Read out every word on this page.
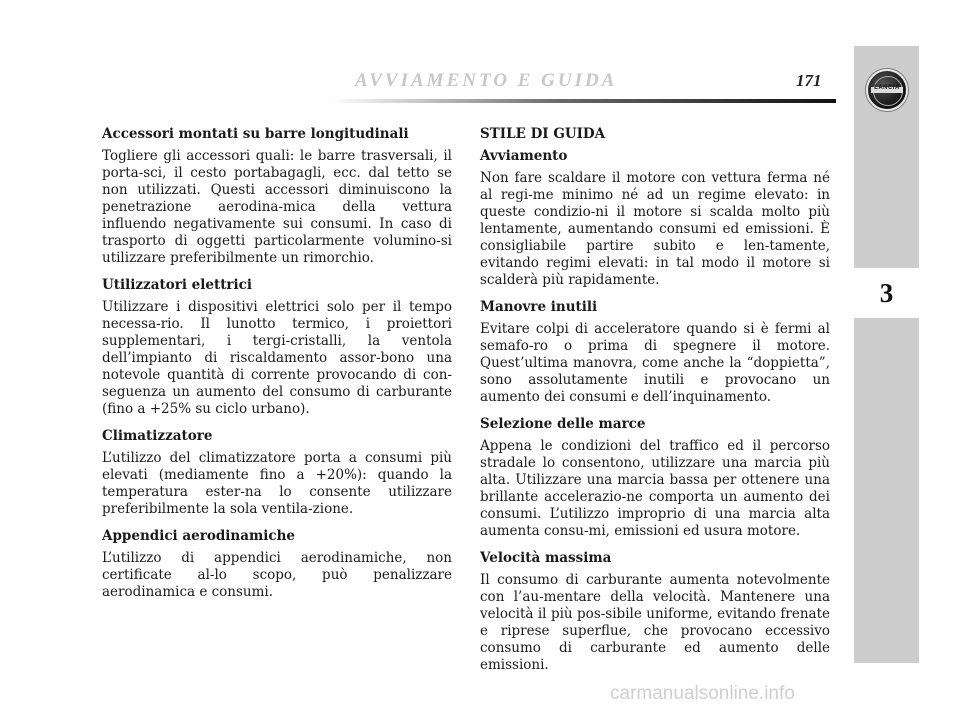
AVVIAMENTO E GUIDA	171	LANCIA
3
Accessori montati su barre longitudinali
Togliere gli accessori quali: le barre trasversali, il porta-sci, il cesto portabagagli, ecc. dal tetto se non utilizzati. Questi accessori diminuiscono la penetrazione aerodina-mica della vettura influendo negativamente sui consumi. In caso di trasporto di oggetti particolarmente volumino-si utilizzare preferibilmente un rimorchio.
Utilizzatori elettrici
Utilizzare i dispositivi elettrici solo per il tempo necessa-rio. Il lunotto termico, i proiettori supplementari, i tergi-cristalli, la ventola dell’impianto di riscaldamento assor-bono una notevole quantità di corrente provocando di con-seguenza un aumento del consumo di carburante (fino a +25% su ciclo urbano).
Climatizzatore
L’utilizzo del climatizzatore porta a consumi più elevati (mediamente fino a +20%): quando la temperatura ester-na lo consente utilizzare preferibilmente la sola ventila-zione.
Appendici aerodinamiche
L’utilizzo di appendici aerodinamiche, non certificate al-lo scopo, può penalizzare aerodinamica e consumi.
STILE DI GUIDA
Avviamento
Non fare scaldare il motore con vettura ferma né al regi-me minimo né ad un regime elevato: in queste condizio-ni il motore si scalda molto più lentamente, aumentando consumi ed emissioni. È consigliabile partire subito e len-tamente, evitando regimi elevati: in tal modo il motore si scalderà più rapidamente.
Manovre inutili
Evitare colpi di acceleratore quando si è fermi al semafo-ro o prima di spegnere il motore. Quest’ultima manovra, come anche la “doppietta”, sono assolutamente inutili e provocano un aumento dei consumi e dell’inquinamento.
Selezione delle marce
Appena le condizioni del traffico ed il percorso stradale lo consentono, utilizzare una marcia più alta. Utilizzare una marcia bassa per ottenere una brillante accelerazio-ne comporta un aumento dei consumi. L’utilizzo improprio di una marcia alta aumenta consu-mi, emissioni ed usura motore.
Velocità massima
Il consumo di carburante aumenta notevolmente con l’au-mentare della velocità. Mantenere una velocità il più pos-sibile uniforme, evitando frenate e riprese superflue, che provocano eccessivo consumo di carburante ed aumento delle emissioni.
carmanualsonline.info
